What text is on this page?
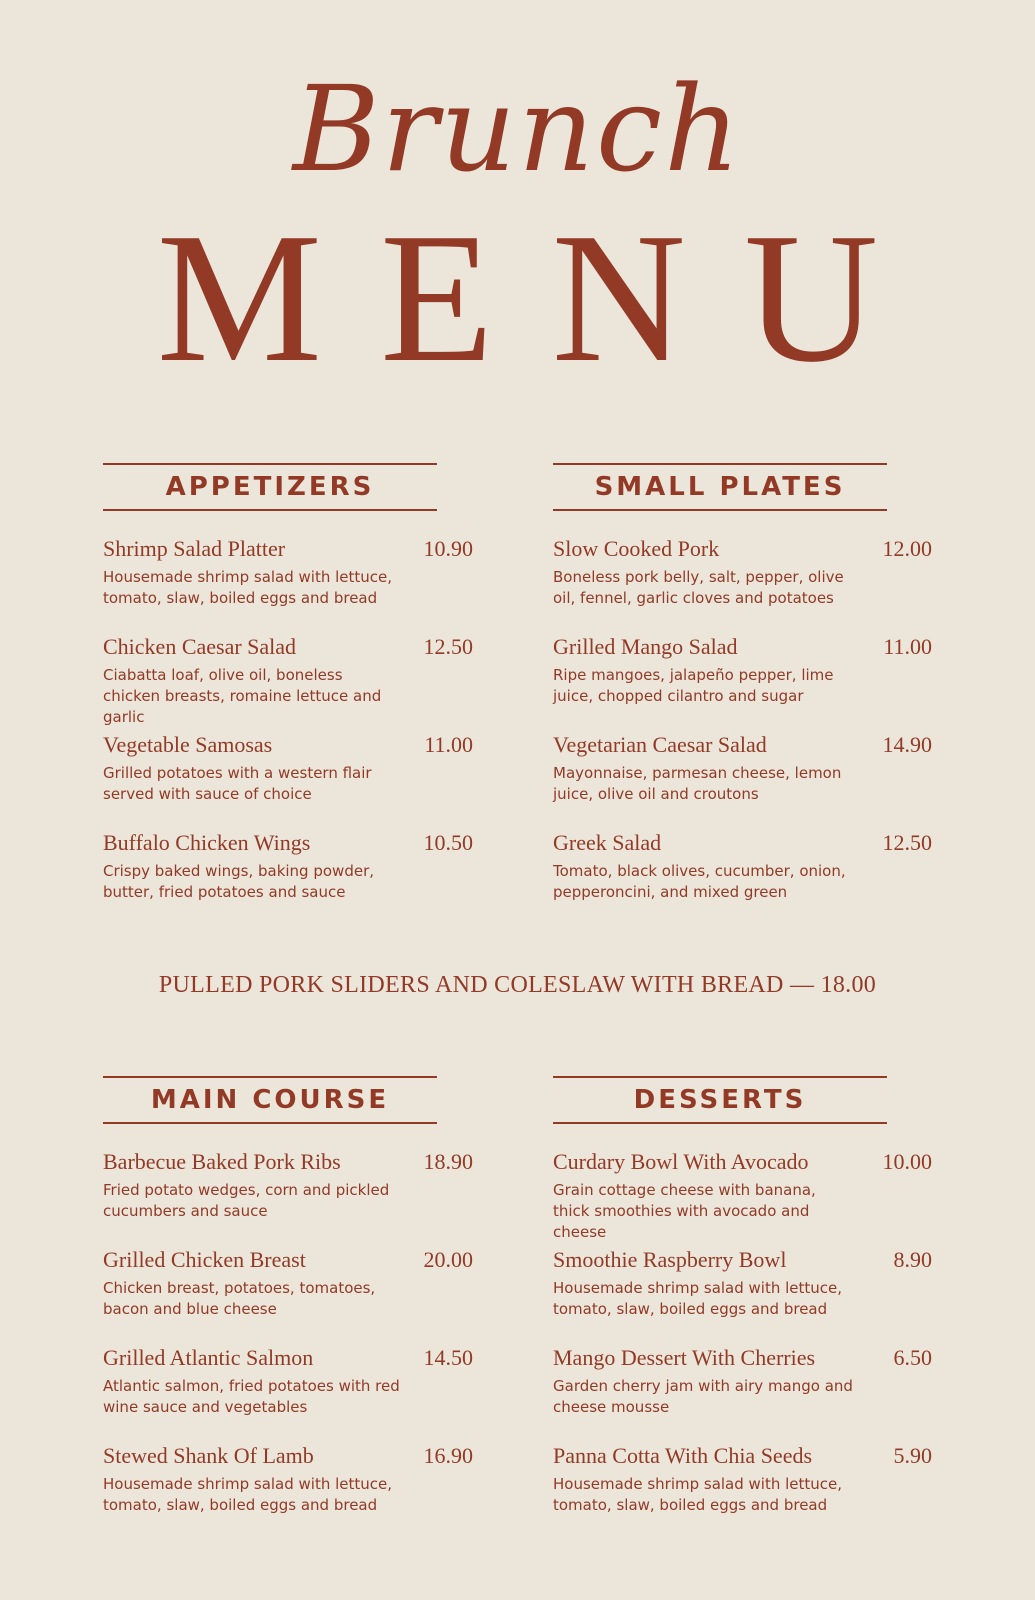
Brunch
MENU
APPETIZERS
Shrimp Salad Platter	10.90
Housemade shrimp salad with lettuce, tomato, slaw, boiled eggs and bread
Chicken Caesar Salad	12.50
Ciabatta loaf, olive oil, boneless chicken breasts, romaine lettuce and garlic
Vegetable Samosas	11.00
Grilled potatoes with a western flair served with sauce of choice
Buffalo Chicken Wings	10.50
Crispy baked wings, baking powder, butter, fried potatoes and sauce
SMALL PLATES
Slow Cooked Pork	12.00
Boneless pork belly, salt, pepper, olive oil, fennel, garlic cloves and potatoes
Grilled Mango Salad	11.00
Ripe mangoes, jalapeño pepper, lime juice, chopped cilantro and sugar
Vegetarian Caesar Salad	14.90
Mayonnaise, parmesan cheese, lemon juice, olive oil and croutons
Greek Salad	12.50
Tomato, black olives, cucumber, onion, pepperoncini, and mixed green
PULLED PORK SLIDERS AND COLESLAW WITH BREAD — 18.00
MAIN COURSE
Barbecue Baked Pork Ribs	18.90
Fried potato wedges, corn and pickled cucumbers and sauce
Grilled Chicken Breast	20.00
Chicken breast, potatoes, tomatoes, bacon and blue cheese
Grilled Atlantic Salmon	14.50
Atlantic salmon, fried potatoes with red wine sauce and vegetables
Stewed Shank Of Lamb	16.90
Housemade shrimp salad with lettuce, tomato, slaw, boiled eggs and bread
DESSERTS
Curdary Bowl With Avocado	10.00
Grain cottage cheese with banana, thick smoothies with avocado and cheese
Smoothie Raspberry Bowl	8.90
Housemade shrimp salad with lettuce, tomato, slaw, boiled eggs and bread
Mango Dessert With Cherries	6.50
Garden cherry jam with airy mango and cheese mousse
Panna Cotta With Chia Seeds	5.90
Housemade shrimp salad with lettuce, tomato, slaw, boiled eggs and bread
